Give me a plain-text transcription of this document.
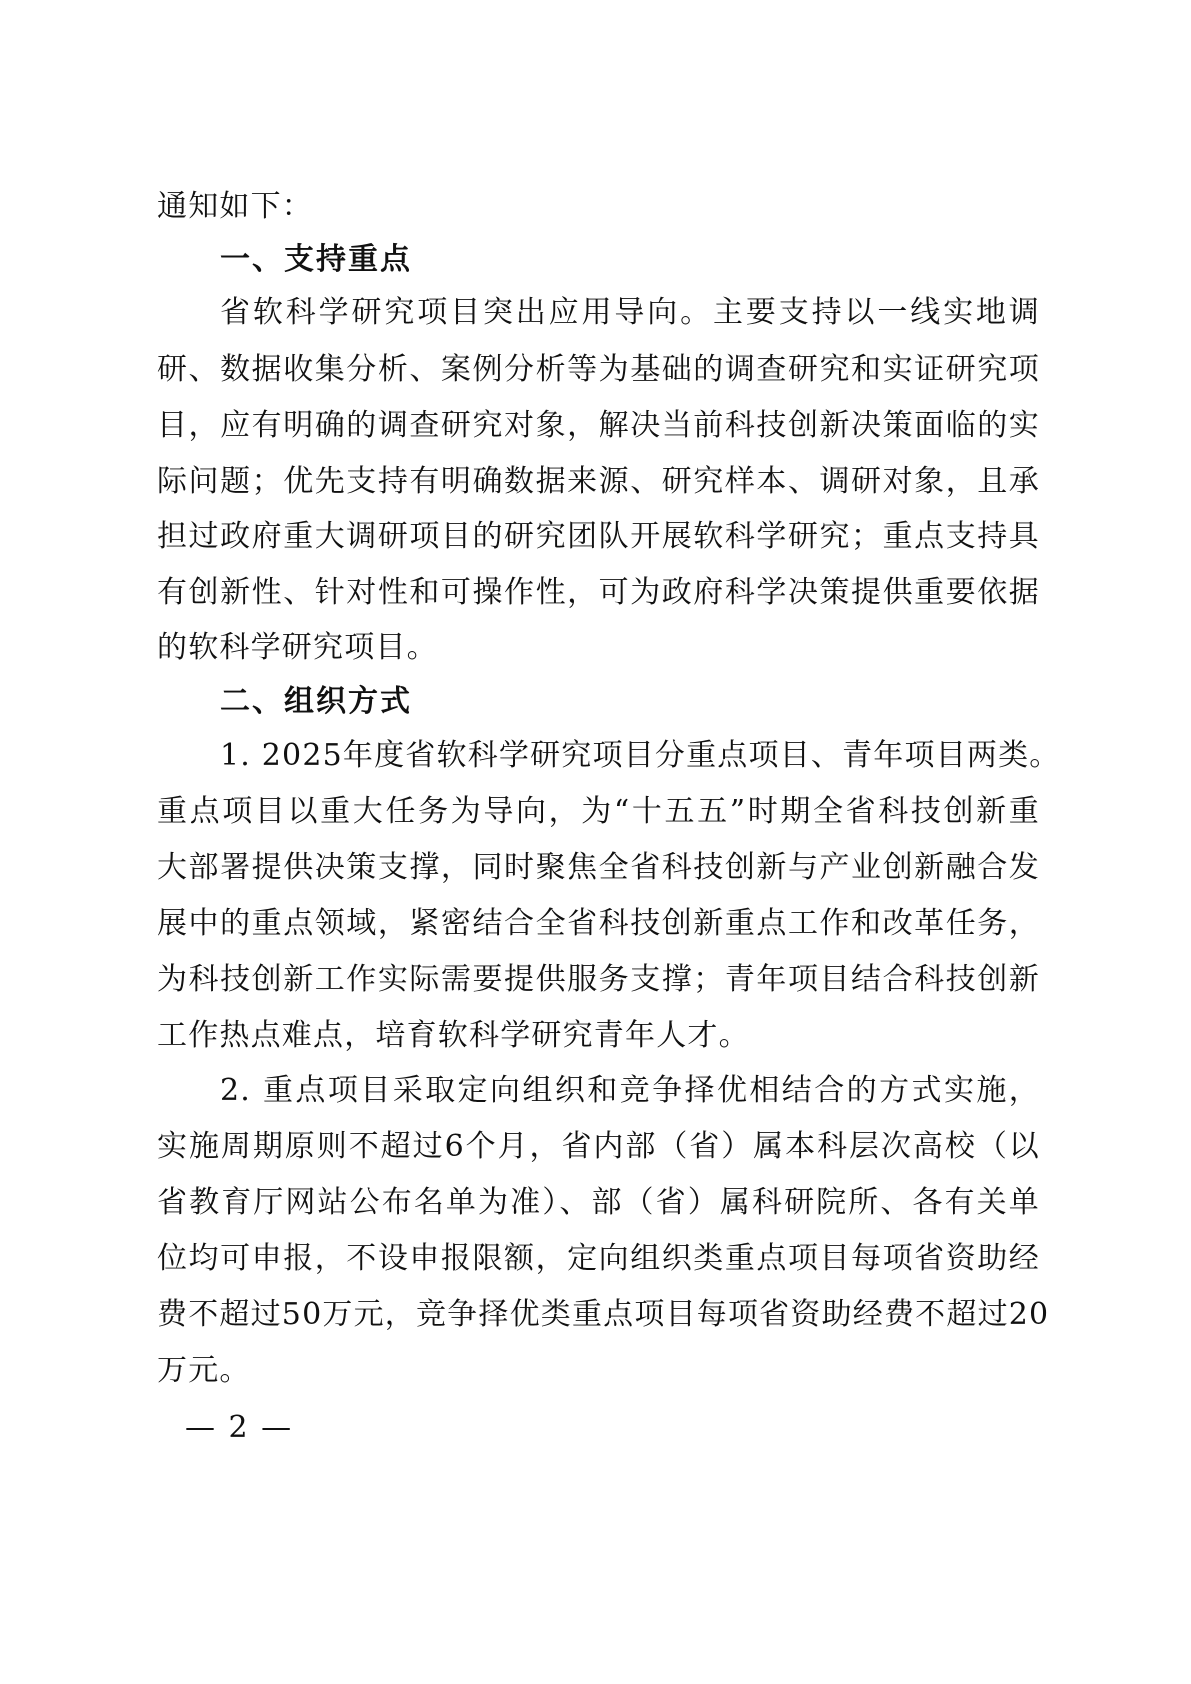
通知如下：
一、支持重点
省软科学研究项目突出应用导向。主要支持以一线实地调
研、数据收集分析、案例分析等为基础的调查研究和实证研究项
目，应有明确的调查研究对象，解决当前科技创新决策面临的实
际问题；优先支持有明确数据来源、研究样本、调研对象，且承
担过政府重大调研项目的研究团队开展软科学研究；重点支持具
有创新性、针对性和可操作性，可为政府科学决策提供重要依据
的软科学研究项目。
二、组织方式
1. 2025年度省软科学研究项目分重点项目、青年项目两类。
重点项目以重大任务为导向，为“十五五”时期全省科技创新重
大部署提供决策支撑，同时聚焦全省科技创新与产业创新融合发
展中的重点领域，紧密结合全省科技创新重点工作和改革任务，
为科技创新工作实际需要提供服务支撑；青年项目结合科技创新
工作热点难点，培育软科学研究青年人才。
2. 重点项目采取定向组织和竞争择优相结合的方式实施，
实施周期原则不超过6个月，省内部（省）属本科层次高校（以
省教育厅网站公布名单为准）、部（省）属科研院所、各有关单
位均可申报，不设申报限额，定向组织类重点项目每项省资助经
费不超过50万元，竞争择优类重点项目每项省资助经费不超过20
万元。
— 2 —
